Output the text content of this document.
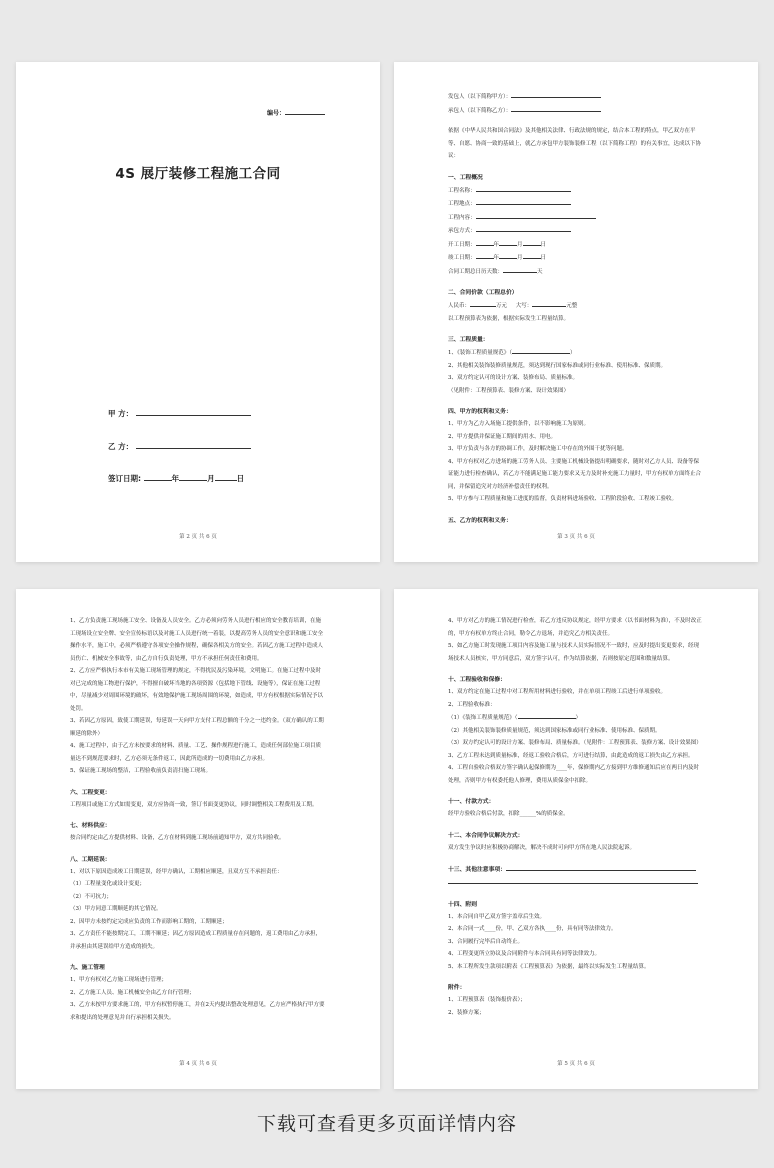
编号：
4S 展厅装修工程施工合同
甲 方：
乙 方：
签订日期:	年	月	日
第 2 页 共 6 页
发包人（以下简称甲方）：
承包人（以下简称乙方）：
依据《中华人民共和国合同法》及其他相关法律、行政法规的规定，结合本工程的特点，甲乙双方在平等、自愿、协商一致的基础上，就乙方承包甲方装饰装修工程（以下简称工程）的有关事宜，达成以下协议：
一、工程概况
工程名称：
工程地点：
工程内容：
承包方式：
开工日期：	年	月	日
竣工日期：	年	月	日
合同工期总日历天数：	天
二、合同价款（工程总价）
人民币：	万元 大写：	元整
以工程预算表为依据，根据实际发生工程量结算。
三、工程质量：
1、《装饰工程质量规范》（	）
2、其他相关装饰装修质量规范，须达到现行国家标准或同行业标准、使用标准、保质期。
3、双方约定认可的设计方案、装修布局、质量标准。
（见附件：工程预算表、装修方案、设计效果图）
四、甲方的权利和义务：
1、甲方为乙方入场施工提供条件，以不影响施工为原则。
2、甲方提供并保证施工期间的用水、用电。
3、甲方负责与各方的协调工作，及时解决施工中存在的外围干扰等问题。
4、甲方有权对乙方进场的施工劳务人员、主要施工机械设备提出明确要求，随时对乙方人员、设备等保证能力进行检查确认，若乙方不能满足施工能力要求又无力及时补充施工力量时，甲方有权单方面终止合同，并保留追究对方经济补偿责任的权利。
5、甲方参与工程质量和施工进度的监督，负责材料进场验收、工程阶段验收、工程竣工验收。
五、乙方的权利和义务：
第 3 页 共 6 页
1、乙方负责施工现场施工安全、设备及人员安全。乙方必须向劳务人员进行相应的安全教育培训，在施工现场设立安全牌、安全宣传标语以及对施工人员进行统一着装，以提高劳务人员的安全意识和施工安全操作水平，施工中，必须严格遵守各项安全操作规程，确保各相关方的安全。若因乙方施工过程中造成人员伤亡、机械安全事故等，由乙方自行负责处理，甲方不承担任何责任和费用。
2、乙方应严格执行本市有关施工现场管理的规定，不得扰民及污染环境，文明施工。在施工过程中及时对已完成的施工物进行保护，不得擅自破坏当地的各项资源（包括地下管线、设施等），保证在施工过程中，尽量减少对周围环境的破坏，有效地保护施工现场周围的环境，如造成，甲方有权根据实际情况予以处罚。
3、若因乙方原因，致使工期延误，每延误一天向甲方支付工程总额的千分之一违约金。（双方确认的工期顺延的除外）
4、施工过程中，由于乙方未按要求的材料、质量、工艺、操作规程进行施工，造成任何部位施工项目质量达不到规范要求时，乙方必须无条件返工，因此所造成的一切费用由乙方承担。
5、保证施工现场的整洁，工程验收前负责清扫施工现场。
六、工程变更：
工程项目或施工方式如需变更，双方应协商一致，签订书面变更协议，同时调整相关工程费用及工期。
七、材料供应：
按合同约定由乙方提供材料、设备，乙方在材料到施工现场前通知甲方，双方共同验收。
八、工期延误：
1、对以下原因造成竣工日期延误，经甲方确认，工期相应顺延，且双方互不承担责任：
（1）工程量变化或设计变更；
（2）不可抗力；
（3）甲方同意工期顺延的其它情况。
2、因甲方未按约定完成应负责的工作而影响工期的，工期顺延；
3、乙方责任不能按期完工，工期不顺延；因乙方原因造成工程质量存在问题的，返工费用由乙方承担，并承担由其延误给甲方造成的损失。
九、施工管理
1、甲方有权对乙方施工现场进行管理；
2、乙方施工人员、施工机械安全由乙方自行管理；
3、乙方未按甲方要求施工的，甲方有权暂停施工，并在2天内提出整改处理意见，乙方应严格执行甲方要求和提出的处理意见并自行承担相关损失。
第 4 页 共 6 页
4、甲方对乙方的施工情况进行检查，若乙方违反协议规定，经甲方要求（以书面材料为准），不及时改正的，甲方有权单方终止合同，勒令乙方退场，并追究乙方相关责任。
5、如乙方施工时发现施工项目内容及施工量与技术人员实际情况不一致时，应及时提出变更要求，经现场技术人员核实，甲方同意后，双方签字认可，作为结算依据，否则按原定范围和数量结算。
十、工程验收和保修：
1、双方约定在施工过程中对工程所用材料进行验收，并在单项工程竣工后进行单项验收。
2、工程验收标准：
（1）《装饰工程质量规范》（	）
（2）其他相关装饰装修质量规范，须达到国家标准或同行业标准、使用标准、保质期。
（3）双方约定认可的设计方案、装修布局、质量标准。（见附件：工程预算表、装修方案、设计效果图）
3、乙方工程未达到质量标准，经返工验收合格后，方可进行结算，由此造成的返工损失由乙方承担。
4、工程自验收合格双方签字确认起保修期为____年，保修期内乙方接到甲方维修通知后应在两日内及时处理，否则甲方有权委托他人修理，费用从质保金中扣除。
十一、付款方式：
经甲方验收合格后付款，扣除______%的质保金。
十二、本合同争议解决方式：
双方发生争议时应积极协商解决，解决不成时可向甲方所在地人民法院起诉。
十三、其他注意事项：
十四、附则
1、本合同自甲乙双方签字盖章后生效。
2、本合同一式____份，甲、乙双方各执____份，具有同等法律效力。
3、合同履行完毕后自动终止。
4、工程变更所立协议及合同附件与本合同具有同等法律效力。
5、本工程所发生款项以附表《工程预算表》为依据，最终以实际发生工程量结算。
附件：
1、工程预算表（装饰报价表）；
2、装修方案；
第 5 页 共 6 页
下载可查看更多页面详情内容
